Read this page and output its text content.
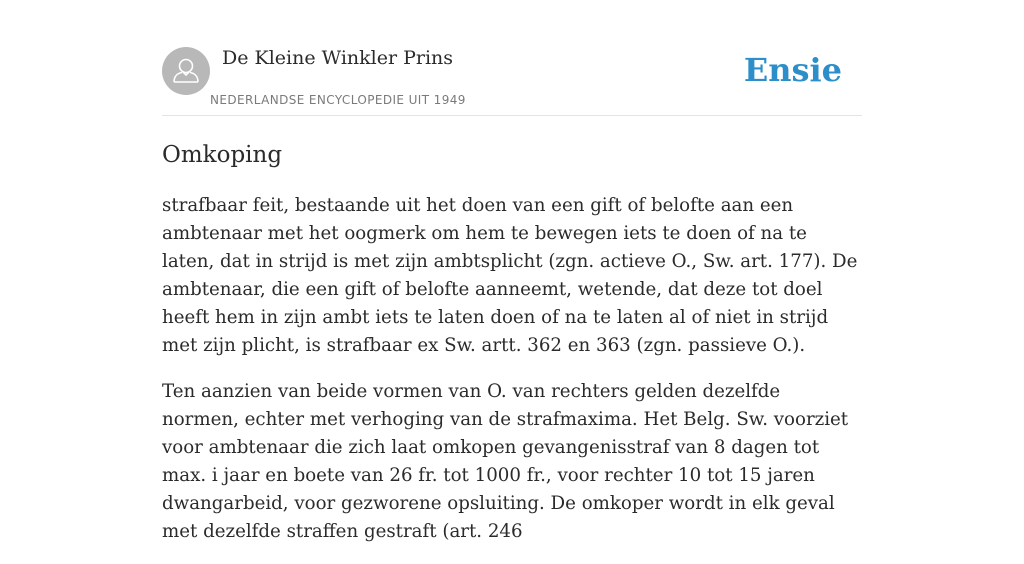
De Kleine Winkler Prins
NEDERLANDSE ENCYCLOPEDIE UIT 1949
Ensie
Omkoping

strafbaar feit, bestaande uit het doen van een gift of belofte aan een ambtenaar met het oogmerk om hem te bewegen iets te doen of na te laten, dat in strijd is met zijn ambtsplicht (zgn. actieve O., Sw. art. 177). De ambtenaar, die een gift of belofte aanneemt, wetende, dat deze tot doel heeft hem in zijn ambt iets te laten doen of na te laten al of niet in strijd met zijn plicht, is strafbaar ex Sw. artt. 362 en 363 (zgn. passieve O.).

Ten aanzien van beide vormen van O. van rechters gelden dezelfde normen, echter met verhoging van de strafmaxima. Het Belg. Sw. voorziet voor ambtenaar die zich laat omkopen gevangenisstraf van 8 dagen tot max. i jaar en boete van 26 fr. tot 1000 fr., voor rechter 10 tot 15 jaren dwangarbeid, voor gezworene opsluiting. De omkoper wordt in elk geval met dezelfde straffen gestraft (art. 246
